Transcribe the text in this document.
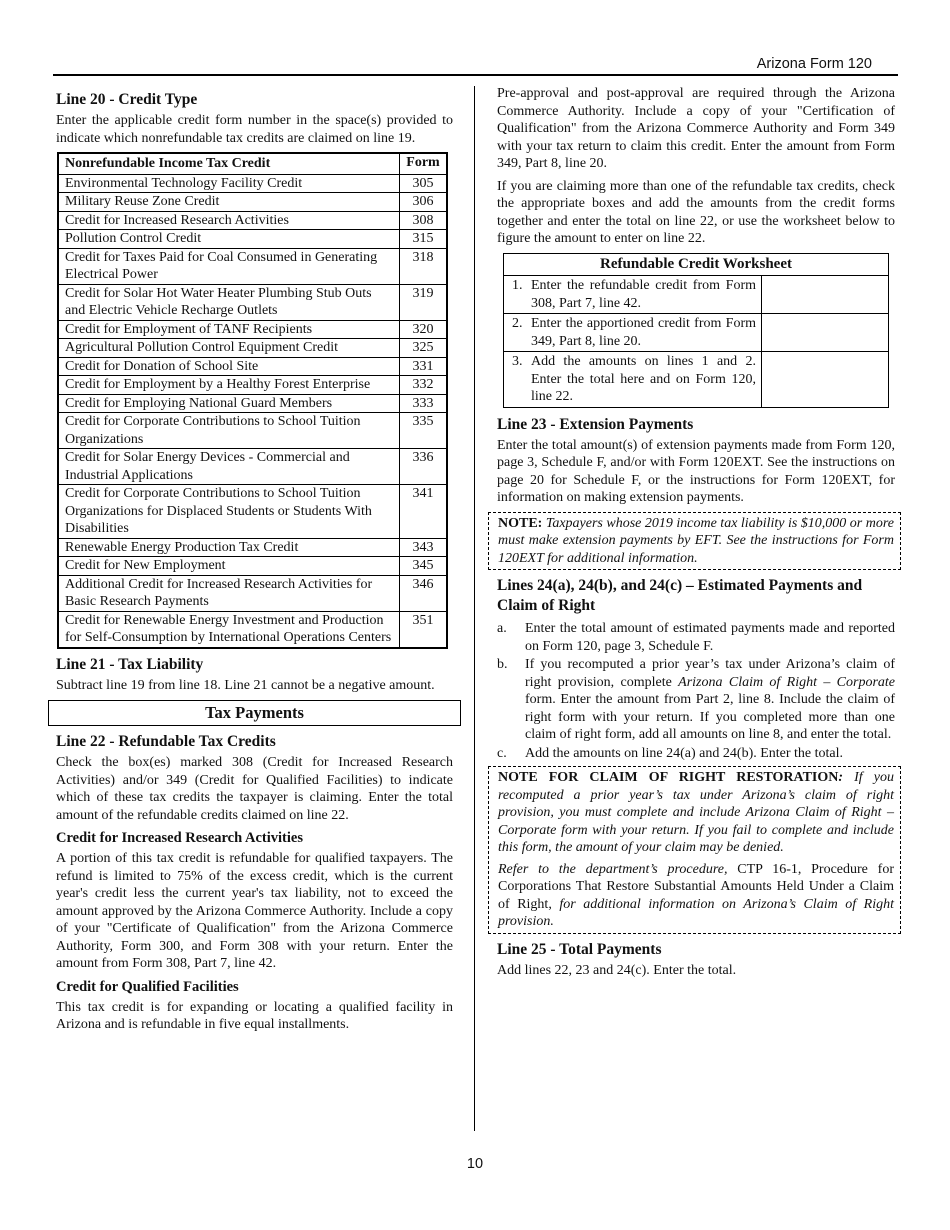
Arizona Form 120
Line 20 - Credit Type

Enter the applicable credit form number in the space(s) provided to indicate which nonrefundable tax credits are claimed on line 19.

Nonrefundable Income Tax Credit	Form
Environmental Technology Facility Credit	305
Military Reuse Zone Credit	306
Credit for Increased Research Activities	308
Pollution Control Credit	315
Credit for Taxes Paid for Coal Consumed in Generating Electrical Power	318
Credit for Solar Hot Water Heater Plumbing Stub Outs and Electric Vehicle Recharge Outlets	319
Credit for Employment of TANF Recipients	320
Agricultural Pollution Control Equipment Credit	325
Credit for Donation of School Site	331
Credit for Employment by a Healthy Forest Enterprise	332
Credit for Employing National Guard Members	333
Credit for Corporate Contributions to School Tuition Organizations	335
Credit for Solar Energy Devices - Commercial and Industrial Applications	336
Credit for Corporate Contributions to School Tuition Organizations for Displaced Students or Students With Disabilities	341
Renewable Energy Production Tax Credit	343
Credit for New Employment	345
Additional Credit for Increased Research Activities for Basic Research Payments	346
Credit for Renewable Energy Investment and Production for Self-Consumption by International Operations Centers	351
Line 21 - Tax Liability

Subtract line 19 from line 18. Line 21 cannot be a negative amount.

Tax Payments
Line 22 - Refundable Tax Credits

Check the box(es) marked 308 (Credit for Increased Research Activities) and/or 349 (Credit for Qualified Facilities) to indicate which of these tax credits the taxpayer is claiming. Enter the total amount of the refundable credits claimed on line 22.

Credit for Increased Research Activities

A portion of this tax credit is refundable for qualified taxpayers. The refund is limited to 75% of the excess credit, which is the current year's credit less the current year's tax liability, not to exceed the amount approved by the Arizona Commerce Authority. Include a copy of your "Certificate of Qualification" from the Arizona Commerce Authority, Form 300, and Form 308 with your return. Enter the amount from Form 308, Part 7, line 42.

Credit for Qualified Facilities

This tax credit is for expanding or locating a qualified facility in Arizona and is refundable in five equal installments.

Pre-approval and post-approval are required through the Arizona Commerce Authority. Include a copy of your "Certification of Qualification" from the Arizona Commerce Authority and Form 349 with your tax return to claim this credit. Enter the amount from Form 349, Part 8, line 20.

If you are claiming more than one of the refundable tax credits, check the appropriate boxes and add the amounts from the credit forms together and enter the total on line 22, or use the worksheet below to figure the amount to enter on line 22.

Refundable Credit Worksheet	

1. Enter the refundable credit from Form 308, Part 7, line 42.	

2. Enter the apportioned credit from Form 349, Part 8, line 20.	

3. Add the amounts on lines 1 and 2. Enter the total here and on Form 120, line 22.	

Line 23 - Extension Payments

Enter the total amount(s) of extension payments made from Form 120, page 3, Schedule F, and/or with Form 120EXT. See the instructions on page 20 for Schedule F, or the instructions for Form 120EXT, for information on making extension payments.

NOTE: Taxpayers whose 2019 income tax liability is $10,000 or more must make extension payments by EFT. See the instructions for Form 120EXT for additional information.

Lines 24(a), 24(b), and 24(c) – Estimated Payments and Claim of Right
a.	Enter the total amount of estimated payments made and reported on Form 120, page 3, Schedule F.
b.	If you recomputed a prior year’s tax under Arizona’s claim of right provision, complete Arizona Claim of Right – Corporate form. Enter the amount from Part 2, line 8. Include the claim of right form with your return. If you completed more than one claim of right form, add all amounts on line 8, and enter the total.
c.	Add the amounts on line 24(a) and 24(b). Enter the total.

NOTE FOR CLAIM OF RIGHT RESTORATION: If you recomputed a prior year’s tax under Arizona’s claim of right provision, you must complete and include Arizona Claim of Right – Corporate form with your return. If you fail to complete and include this form, the amount of your claim may be denied.

Refer to the department’s procedure, CTP 16-1, Procedure for Corporations That Restore Substantial Amounts Held Under a Claim of Right, for additional information on Arizona’s Claim of Right provision.

Line 25 - Total Payments

Add lines 22, 23 and 24(c). Enter the total.

10
